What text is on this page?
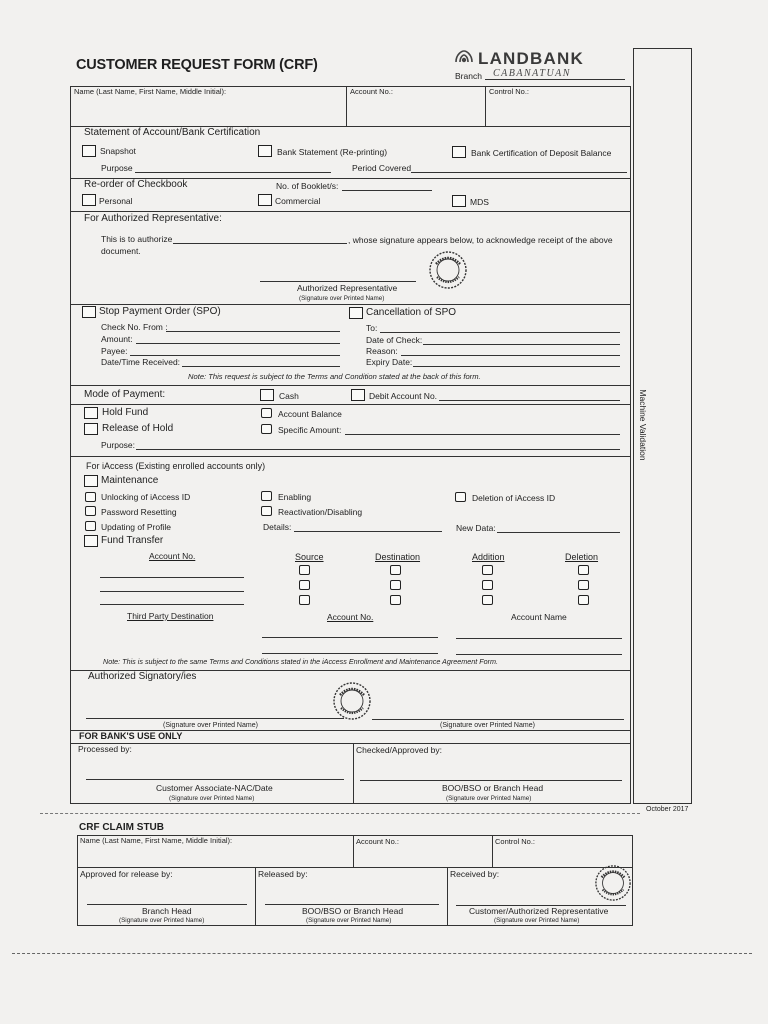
CUSTOMER REQUEST FORM (CRF)	LANDBANK
Branch CABANATUAN
Machine Validation
October 2017
Name (Last Name, First Name, Middle Initial):	Account No.:	Control No.:
Statement of Account/Bank Certification
Snapshot	Bank Statement (Re-printing)	Bank Certification of Deposit Balance
Purpose	Period Covered
Re-order of Checkbook	No. of Booklet/s:
Personal	Commercial	MDS
For Authorized Representative:
This is to authorize	, whose signature appears below, to acknowledge receipt of the above
document.
Authorized Representative
(Signature over Printed Name)
Stop Payment Order (SPO)	Cancellation of SPO
Check No. From :	To:
Amount:	Date of Check:
Payee:	Reason:
Date/Time Received:	Expiry Date:
Note: This request is subject to the Terms and Condition stated at the back of this form.
Mode of Payment:	Cash	Debit Account No.
Hold Fund	Account Balance
Release of Hold	Specific Amount:
Purpose:
For iAccess (Existing enrolled accounts only)
Maintenance
Unlocking of iAccess ID	Enabling	Deletion of iAccess ID
Password Resetting	Reactivation/Disabling
Updating of Profile	Details:	New Data:
Fund Transfer
Account No.	Source	Destination	Addition	Deletion
Third Party Destination	Account No.	Account Name
Note: This is subject to the same Terms and Conditions stated in the iAccess Enrollment and Maintenance Agreement Form.
Authorized Signatory/ies
(Signature over Printed Name)	(Signature over Printed Name)
FOR BANK'S USE ONLY
Processed by:	Checked/Approved by:
Customer Associate-NAC/Date	BOO/BSO or Branch Head
(Signature over Printed Name)	(Signature over Printed Name)
CRF CLAIM STUB
Name (Last Name, First Name, Middle Initial):	Account No.:	Control No.:
Approved for release by:	Released by:	Received by:
Branch Head	BOO/BSO or Branch Head	Customer/Authorized Representative
(Signature over Printed Name)	(Signature over Printed Name)	(Signature over Printed Name)
